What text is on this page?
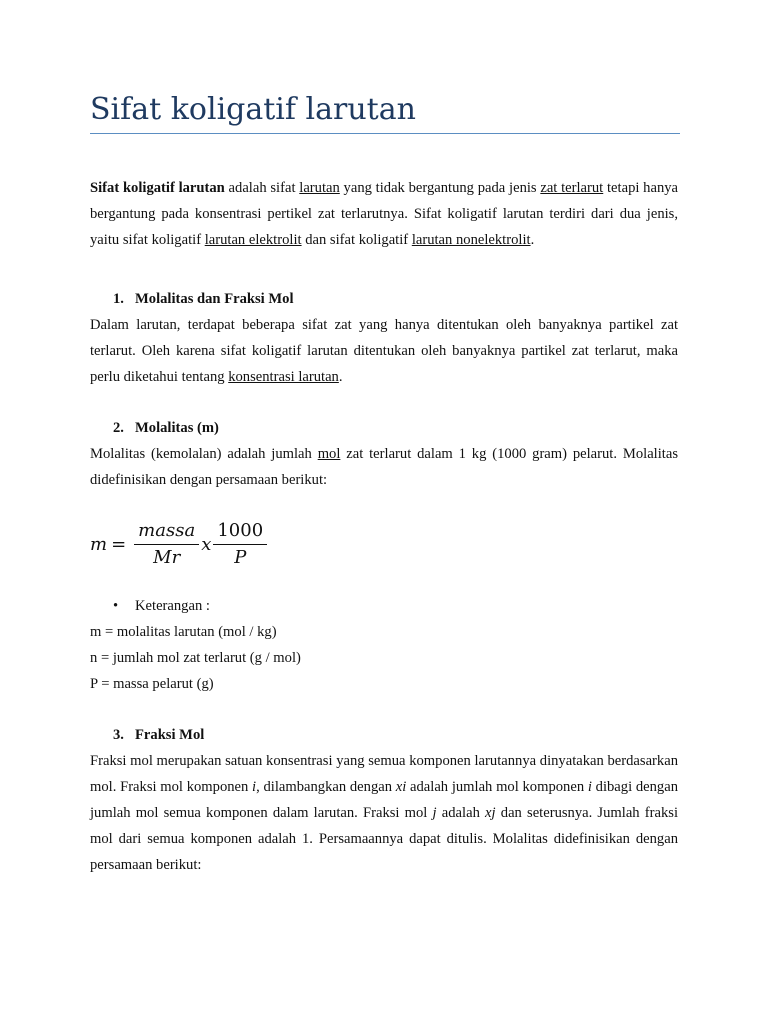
Sifat koligatif larutan

Sifat koligatif larutan adalah sifat larutan yang tidak bergantung pada jenis zat terlarut tetapi hanya bergantung pada konsentrasi pertikel zat terlarutnya. Sifat koligatif larutan terdiri dari dua jenis, yaitu sifat koligatif larutan elektrolit dan sifat koligatif larutan nonelektrolit.

1. Molalitas dan Fraksi Mol

Dalam larutan, terdapat beberapa sifat zat yang hanya ditentukan oleh banyaknya partikel zat terlarut. Oleh karena sifat koligatif larutan ditentukan oleh banyaknya partikel zat terlarut, maka perlu diketahui tentang konsentrasi larutan.

2. Molalitas (m)

Molalitas (kemolalan) adalah jumlah mol zat terlarut dalam 1 kg (1000 gram) pelarut. Molalitas didefinisikan dengan persamaan berikut:

$m = \frac{\text{massa}}{Mr}$ x $\frac{1000}{P}$

• Keterangan :

m = molalitas larutan (mol / kg)

n = jumlah mol zat terlarut (g / mol)

P = massa pelarut (g)

3. Fraksi Mol

Fraksi mol merupakan satuan konsentrasi yang semua komponen larutannya dinyatakan berdasarkan mol. Fraksi mol komponen i, dilambangkan dengan xi adalah jumlah mol komponen i dibagi dengan jumlah mol semua komponen dalam larutan. Fraksi mol j adalah xj dan seterusnya. Jumlah fraksi mol dari semua komponen adalah 1. Persamaannya dapat ditulis. Molalitas didefinisikan dengan persamaan berikut:
